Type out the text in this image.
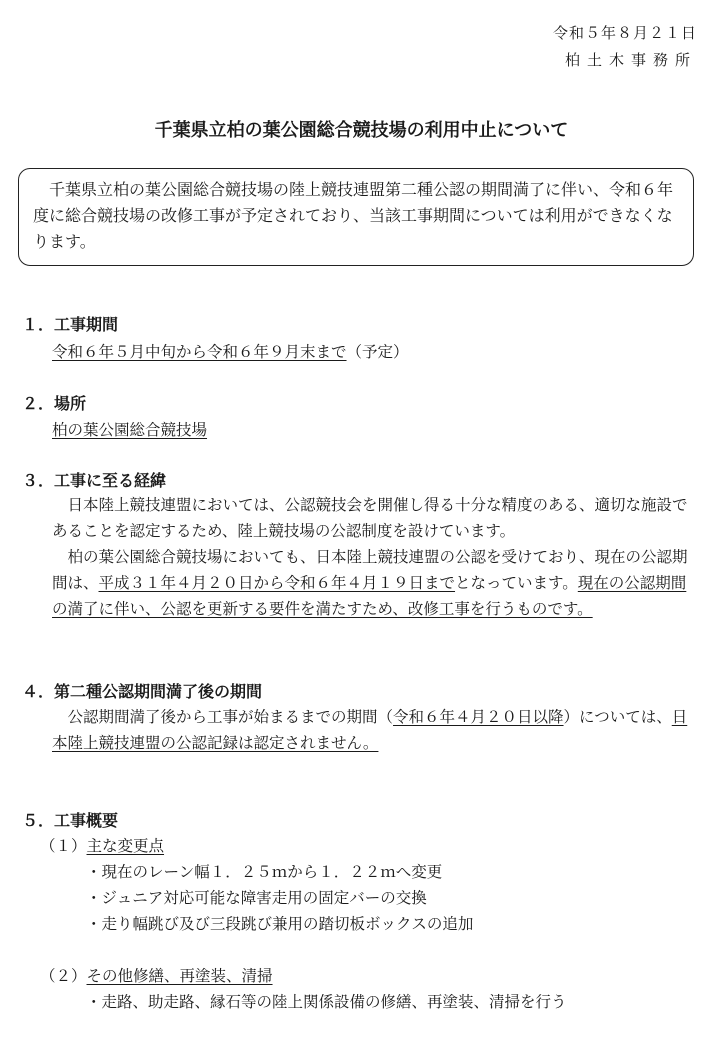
令和５年８月２１日
柏土木事務所
千葉県立柏の葉公園総合競技場の利用中止について

千葉県立柏の葉公園総合競技場の陸上競技連盟第二種公認の期間満了に伴い、令和６年度に総合競技場の改修工事が予定されており、当該工事期間については利用ができなくなります。

１．工事期間
令和６年５月中旬から令和６年９月末まで（予定）
２．場所
柏の葉公園総合競技場
３．工事に至る経緯

日本陸上競技連盟においては、公認競技会を開催し得る十分な精度のある、適切な施設であることを認定するため、陸上競技場の公認制度を設けています。

柏の葉公園総合競技場においても、日本陸上競技連盟の公認を受けており、現在の公認期間は、平成３１年４月２０日から令和６年４月１９日までとなっています。現在の公認期間の満了に伴い、公認を更新する要件を満たすため、改修工事を行うものです。

４．第二種公認期間満了後の期間

公認期間満了後から工事が始まるまでの期間（令和６年４月２０日以降）については、日本陸上競技連盟の公認記録は認定されません。

５．工事概要
（１）主な変更点
・現在のレーン幅１．２５ｍから１．２２ｍへ変更
・ジュニア対応可能な障害走用の固定バーの交換
・走り幅跳び及び三段跳び兼用の踏切板ボックスの追加
（２）その他修繕、再塗装、清掃
・走路、助走路、縁石等の陸上関係設備の修繕、再塗装、清掃を行う
